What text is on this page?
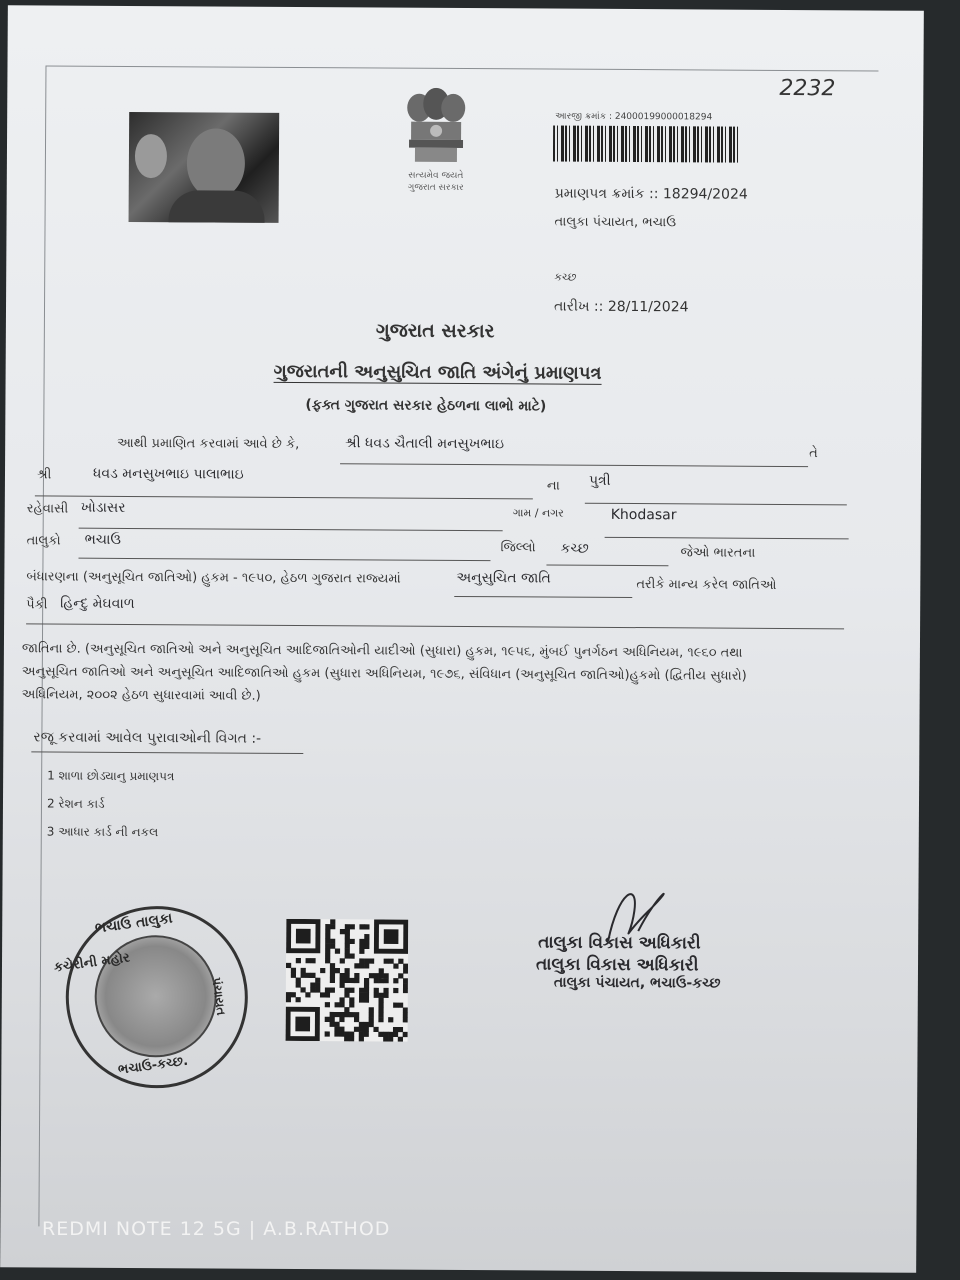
2232
સત્યમેવ જયતે
ગુજરાત સરકાર
આરજી ક્રમાંક : 24000199000018294
પ્રમાણપત્ર ક્રમાંક :: 18294/2024
તાલુકા પંચાયત, ભચાઉ
કચ્છ
તારીખ :: 28/11/2024
ગુજરાત સરકાર
ગુજરાતની અનુસુચિત જાતિ અંગેનું પ્રમાણપત્ર
(ફક્ત ગુજરાત સરકાર હેઠળના લાભો માટે)
આથી પ્રમાણિત કરવામાં આવે છે કે,	શ્રી ધવડ ચૈતાલી મનસુખભાઇ
તે
શ્રી	ધવડ મનસુખભાઇ પાલાભાઇ
ના પુત્રી
રહેવાસી ખોડાસર	ગામ / નગર	Khodasar
તાલુકો ભચાઉ	જિલ્લો કચ્છ	જેઓ ભારતના
બંધારણના (અનુસૂચિત જાતિઓ) હુકમ - ૧૯૫૦, હેઠળ ગુજરાત રાજ્યમાં	અનુસુચિત જાતિ	તરીકે માન્ય કરેલ જાતિઓ
પૈકી હિન્દુ મેઘવાળ
જાતિના છે. (અનુસૂચિત જાતિઓ અને અનુસૂચિત આદિજાતિઓની યાદીઓ (સુધારા) હુકમ, ૧૯૫૬, મુંબઈ પુનર્ગઠન અધિનિયમ, ૧૯૬૦ તથા
અનુસૂચિત જાતિઓ અને અનુસૂચિત આદિજાતિઓ હુકમ (સુધારા અધિનિયમ, ૧૯૭૬, સંવિધાન (અનુસૂચિત જાતિઓ)હુકમો (દ્વિતીય સુધારો)
અધિનિયમ, ૨૦૦૨ હેઠળ સુધારવામાં આવી છે.)
રજૂ કરવામાં આવેલ પુરાવાઓની વિગત :-
1 શાળા છોડ્યાનુ પ્રમાણપત્ર
2 રેશન કાર્ડ
3 આધાર કાર્ડ ની નકલ
ભચાઉ તાલુકા
કચેરીની મહોર
ભચાઉ-કચ્છ.
પંચાયત
તાલુકા વિકાસ અધિકારી
તાલુકા વિકાસ અધિકારી
તાલુકા પંચાયત, ભચાઉ-કચ્છ
REDMI NOTE 12 5G | A.B.RATHOD
